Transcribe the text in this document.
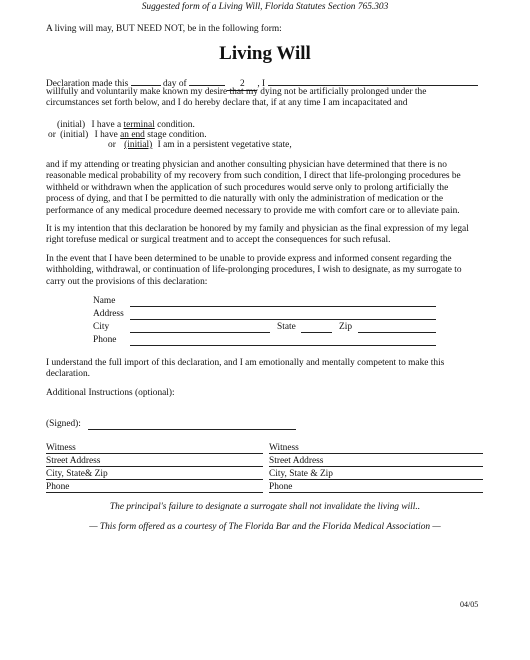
Suggested form of a Living Will, Florida Statutes Section 765.303
A living will may, BUT NEED NOT, be in the following form:
Living Will
Declaration made this	day of	2 , I
willfully and voluntarily make known my desire that my dying not be artificially prolonged under the
circumstances set forth below, and I do hereby declare that, if at any time I am incapacitated and
(initial) I have a terminal condition.
or (initial) I have an end stage condition.
or (initial) I am in a persistent vegetative state,
and if my attending or treating physician and another consulting physician have determined that there is no
reasonable medical probability of my recovery from such condition, I direct that life-prolonging procedures be
withheld or withdrawn when the application of such procedures would serve only to prolong artificially the
process of dying, and that I be permitted to die naturally with only the administration of medication or the
performance of any medical procedure deemed necessary to provide me with comfort care or to alleviate pain.
It is my intention that this declaration be honored by my family and physician as the final expression of my legal
right torefuse medical or surgical treatment and to accept the consequences for such refusal.
In the event that I have been determined to be unable to provide express and informed consent regarding the
withholding, withdrawal, or continuation of life-prolonging procedures, I wish to designate, as my surrogate to
carry out the provisions of this declaration:
Name
Address
City	State	Zip
Phone
I understand the full import of this declaration, and I am emotionally and mentally competent to make this
declaration.
Additional Instructions (optional):
(Signed):
Witness
Street Address
City, State& Zip
Phone
Witness
Street Address
City, State & Zip
Phone
The principal's failure to designate a surrogate shall not invalidate the living will..
— This form offered as a courtesy of The Florida Bar and the Florida Medical Association —
04/05
